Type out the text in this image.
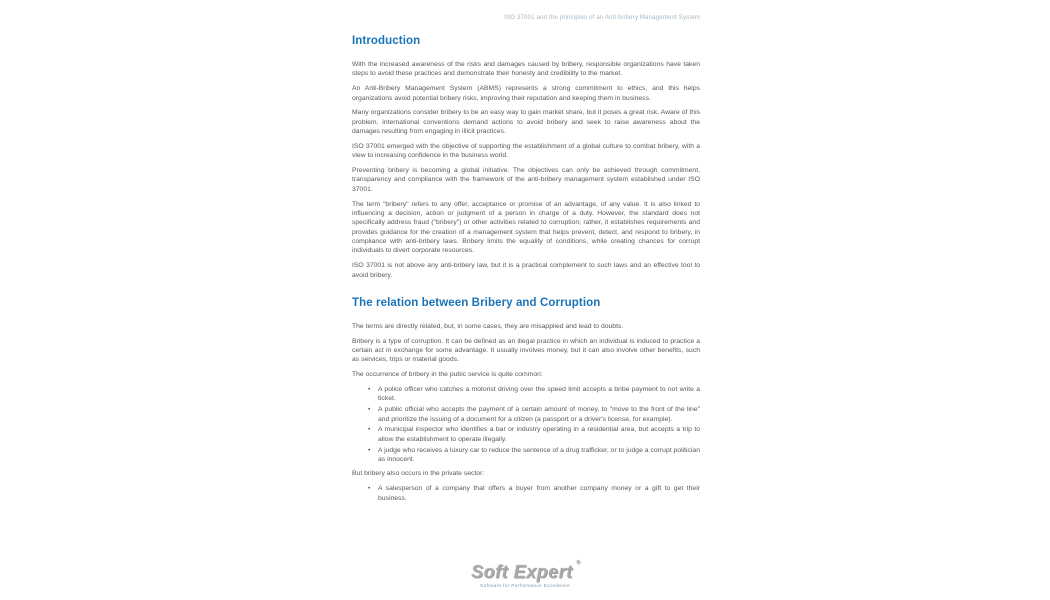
ISO 37001 and the principles of an Anti-bribery Management System
Introduction

With the increased awareness of the risks and damages caused by bribery, responsible organizations have taken steps to avoid these practices and demonstrate their honesty and credibility to the market.

An Anti-Bribery Management System (ABMS) represents a strong commitment to ethics, and this helps organizations avoid potential bribery risks, improving their reputation and keeping them in business.

Many organizations consider bribery to be an easy way to gain market share, but it poses a great risk. Aware of this problem, international conventions demand actions to avoid bribery and seek to raise awareness about the damages resulting from engaging in illicit practices.

ISO 37001 emerged with the objective of supporting the establishment of a global culture to combat bribery, with a view to increasing confidence in the business world.

Preventing bribery is becoming a global initiative. The objectives can only be achieved through commitment, transparency and compliance with the framework of the anti-bribery management system established under ISO 37001.

The term "bribery" refers to any offer, acceptance or promise of an advantage, of any value. It is also linked to influencing a decision, action or judgment of a person in charge of a duty. However, the standard does not specifically address fraud ("bribery") or other activities related to corruption; rather, it establishes requirements and provides guidance for the creation of a management system that helps prevent, detect, and respond to bribery, in compliance with anti-bribery laws. Bribery limits the equality of conditions, while creating chances for corrupt individuals to divert corporate resources.

ISO 37001 is not above any anti-bribery law, but it is a practical complement to such laws and an effective tool to avoid bribery.

The relation between Bribery and Corruption

The terms are directly related, but, in some cases, they are misapplied and lead to doubts.

Bribery is a type of corruption. It can be defined as an illegal practice in which an individual is induced to practice a certain act in exchange for some advantage. It usually involves money, but it can also involve other benefits, such as services, trips or material goods.

The occurrence of bribery in the pubic service is quite common:

• A police officer who catches a motorist driving over the speed limit accepts a bribe payment to not write a ticket.
• A public official who accepts the payment of a certain amount of money, to "move to the front of the line" and prioritize the issuing of a document for a citizen (a passport or a driver's license, for example).
• A municipal inspector who identifies a bar or industry operating in a residential area, but accepts a trip to allow the establishment to operate illegally.
• A judge who receives a luxury car to reduce the sentence of a drug trafficker, or to judge a corrupt politician as innocent.

But bribery also occurs in the private sector:

• A salesperson of a company that offers a buyer from another company money or a gift to get their business.
Soft Expert ®
Software for Performance Excellence
